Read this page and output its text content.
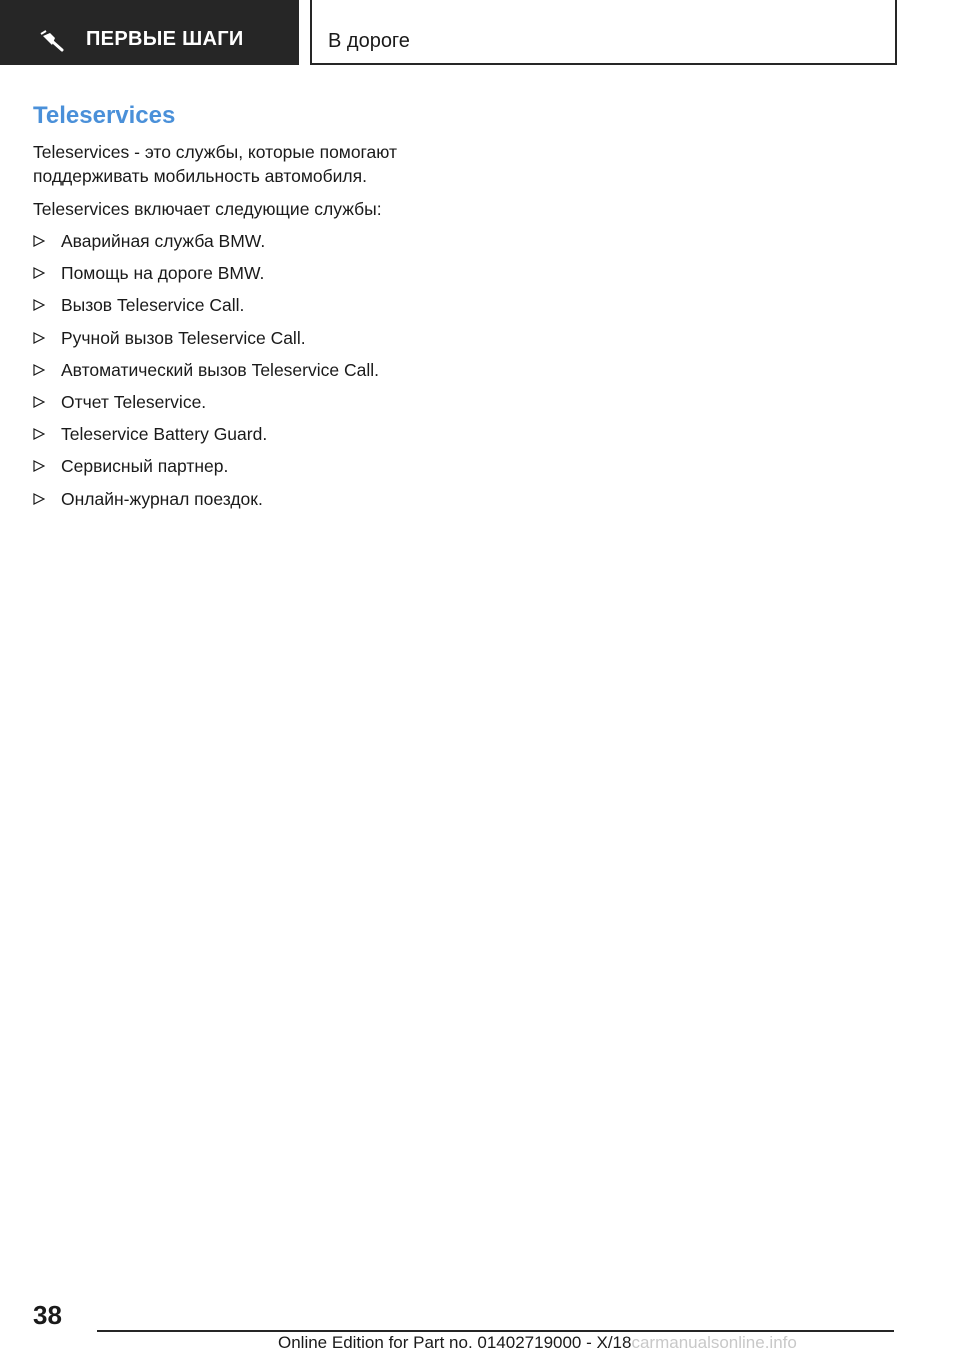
ПЕРВЫЕ ШАГИ	В дороге
Teleservices
Teleservices - это службы, которые помогают поддерживать мобильность автомобиля.
Teleservices включает следующие службы:
Аварийная служба BMW.
Помощь на дороге BMW.
Вызов Teleservice Call.
Ручной вызов Teleservice Call.
Автоматический вызов Teleservice Call.
Отчет Teleservice.
Teleservice Battery Guard.
Сервисный партнер.
Онлайн-журнал поездок.
38
Online Edition for Part no. 01402719000 - X/18carmanualsonline.info
